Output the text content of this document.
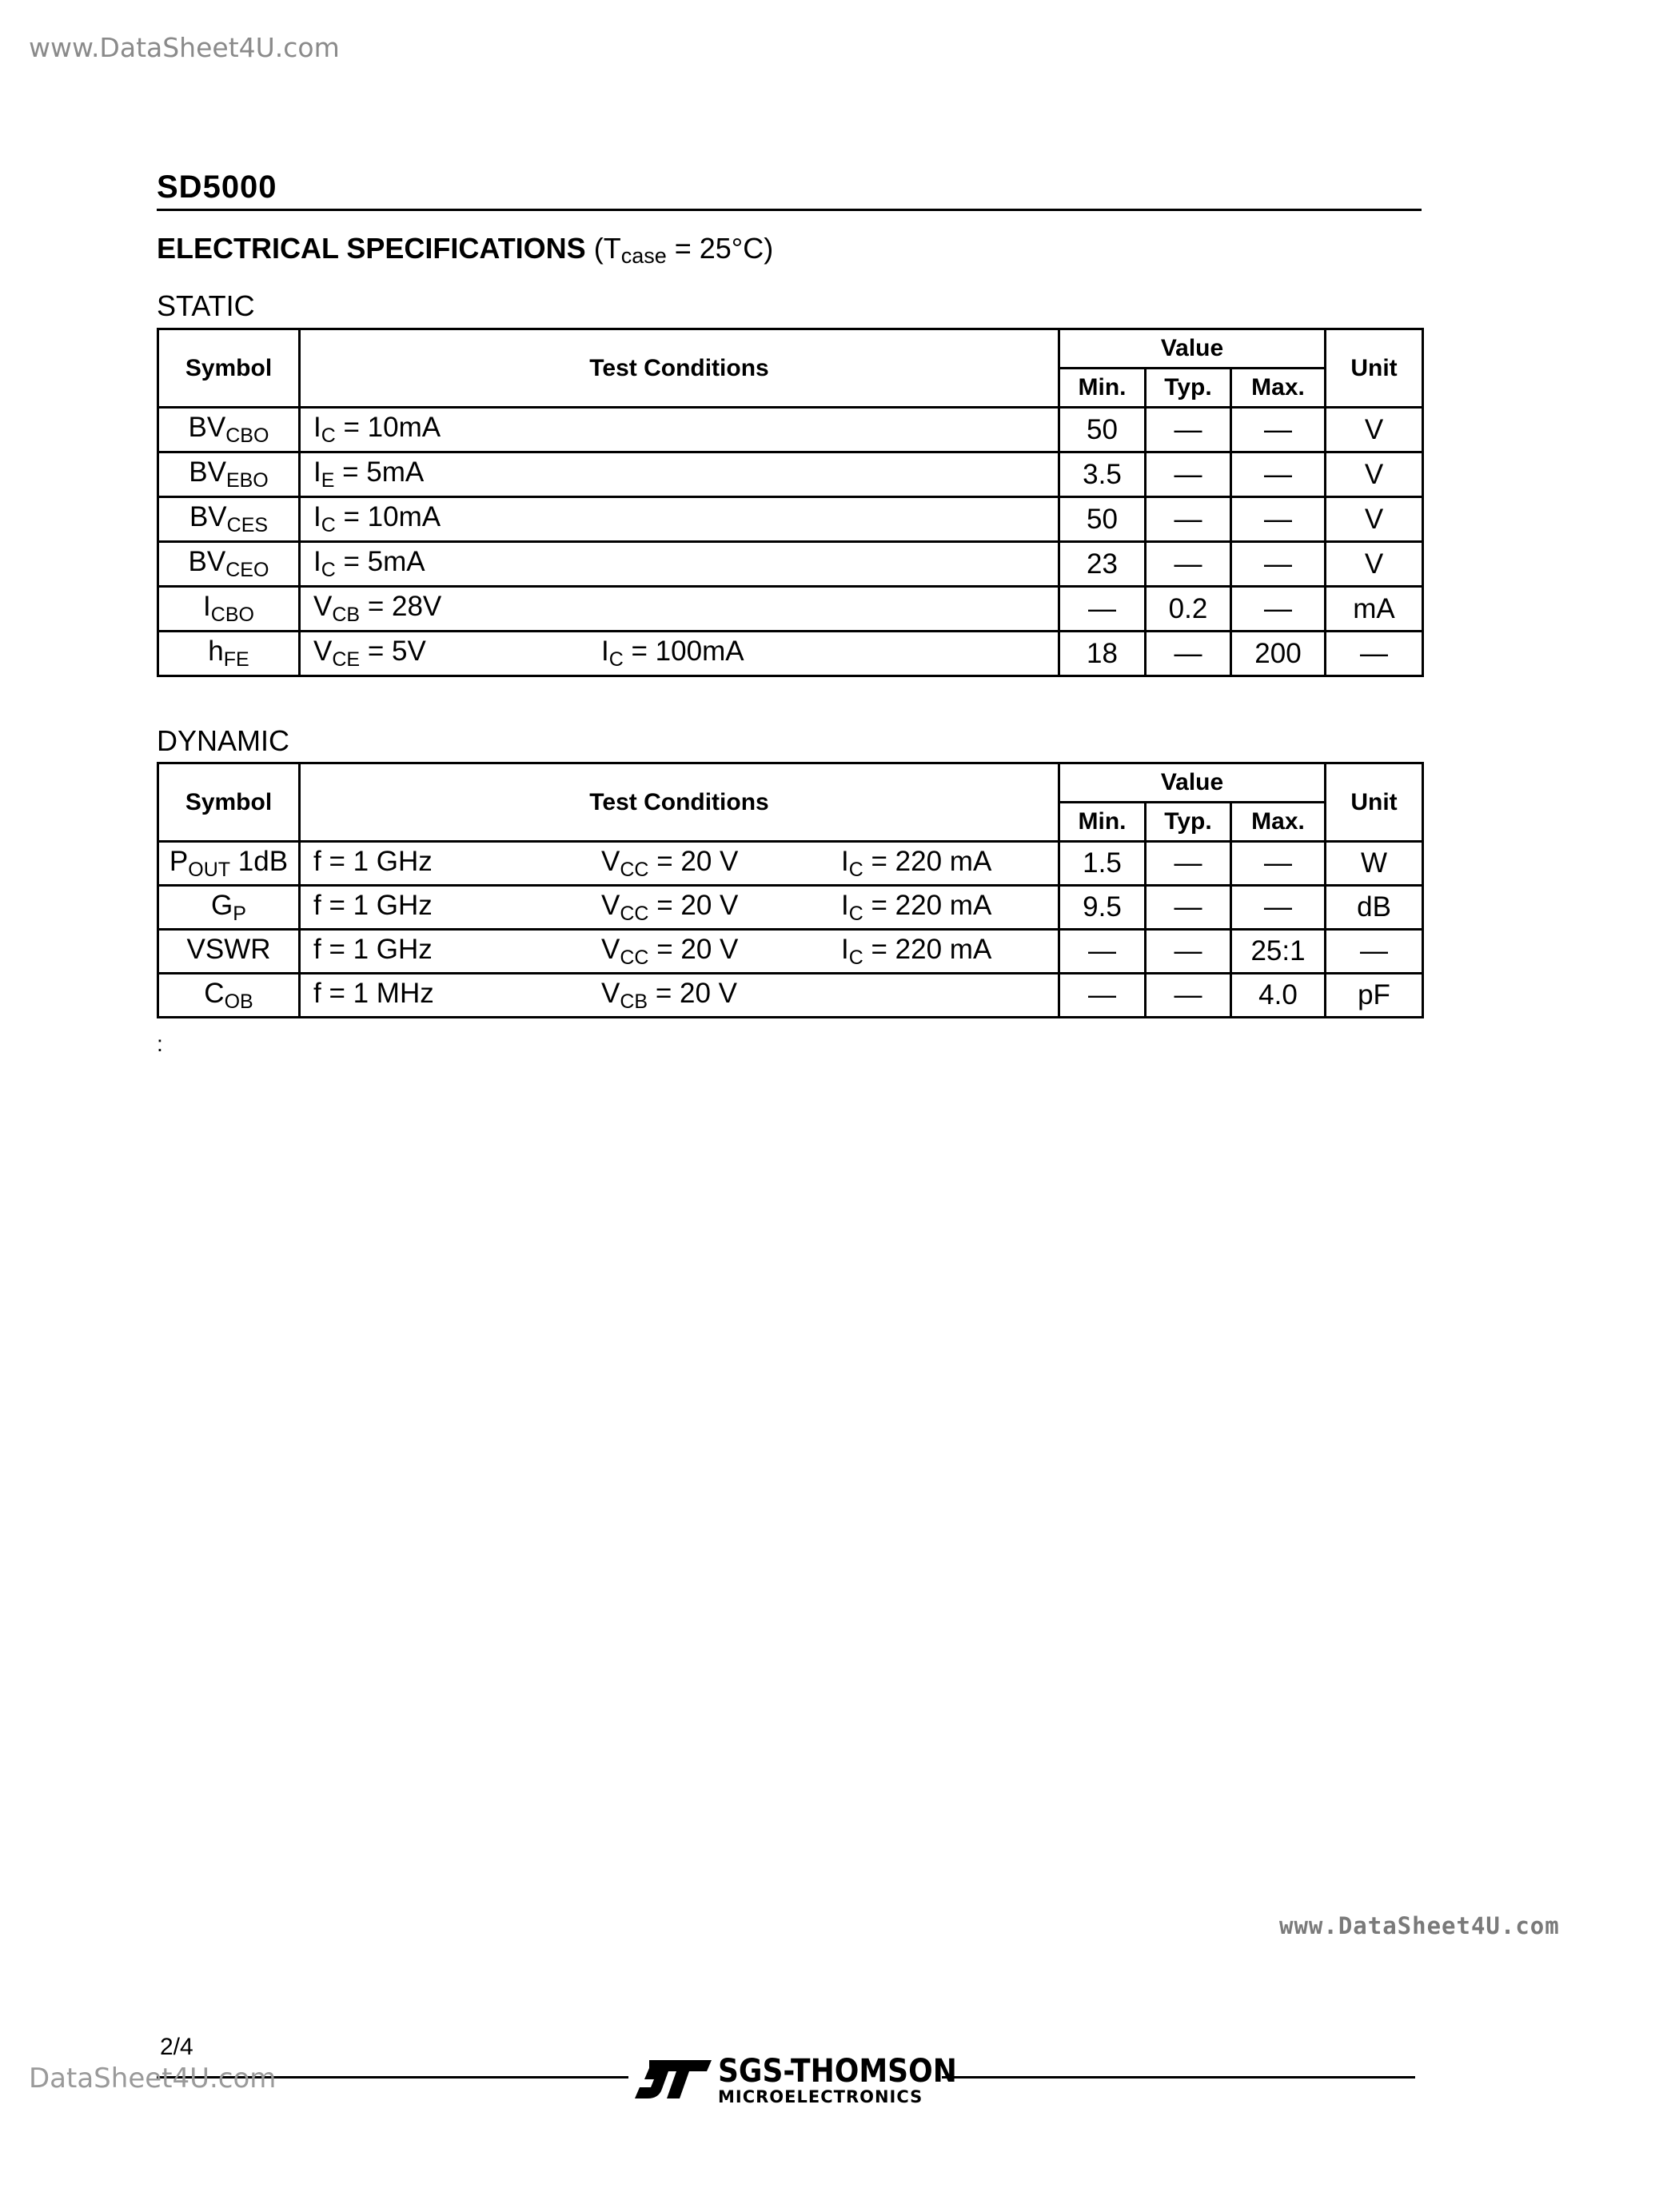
www.DataSheet4U.com
SD5000
ELECTRICAL SPECIFICATIONS $(T_{case} = 25^\circ C)$
STATIC
Symbol	Test Conditions	Value			Unit
		Min.	Typ.	Max.	
$BV_{CBO}$	$I_C = 10mA$	50	—	—	V
$BV_{EBO}$	$I_E = 5mA$	3.5	—	—	V
$BV_{CES}$	$I_C = 10mA$	50	—	—	V
$BV_{CEO}$	$I_C = 5mA$	23	—	—	V
$I_{CBO}$	$V_{CB} = 28V$	—	0.2	—	mA
$h_{FE}$	$V_{CE} = 5V$ $I_C = 100mA$	18	—	200	—
DYNAMIC
Symbol	Test Conditions	Value			Unit
		Min.	Typ.	Max.	
$P_{OUT}$ 1dB	f = 1 GHz $V_{CC} = 20$ V $I_C = 220$ mA	1.5	—	—	W
$G_P$	f = 1 GHz $V_{CC} = 20$ V $I_C = 220$ mA	9.5	—	—	dB
VSWR	f = 1 GHz $V_{CC} = 20$ V $I_C = 220$ mA	—	—	25:1	—
$C_{OB}$	f = 1 MHz $V_{CB} = 20$ V	—	—	4.0	pF
:
www.DataSheet4U.com
2/4
DataSheet4U.com	SGS-THOMSON
MICROELECTRONICS
